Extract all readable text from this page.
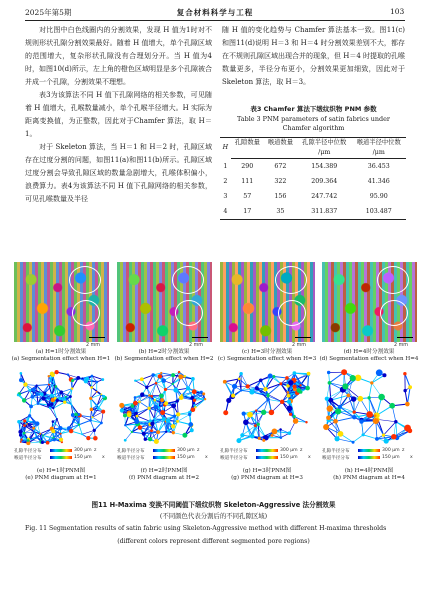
2025年第5期	复合材料科学与工程	103

对比图中白色线圈内的分割效果，发现 H 值为1时对不规则形状孔隙分割效果最好。随着 H 值增大，单个孔隙区域的范围增大，复杂形状孔隙没有合理划分开。当 H 值为4时，如图10(d)所示，左上角的橙色区域明显是多个孔隙被合并成一个孔隙，分割效果不理想。

表3为该算法不同 H 值下孔隙网络的相关参数，可见随着 H 值增大，孔喉数量减小，单个孔喉半径增大。H 实际为距离变换值，为正整数，因此对于Chamfer 算法，取 H＝1。

对于 Skeleton 算法，当 H＝1 和 H＝2 时，孔隙区域存在过度分割的问题，如图11(a)和图11(b)所示。孔隙区域过度分割会导致孔隙区域的数量急剧增大，孔喉体积偏小，浪费算力。表4为该算法不同 H 值下孔隙网络的相关参数，可见孔喉数量及半径

随 H 值的变化趋势与 Chamfer 算法基本一致。图11(c)和图11(d)说明 H＝3 和 H＝4 时分割效果差别不大，都存在不规则孔隙区域出现合并的现象，但 H＝4 时提取的孔喉数量更多，半径分布更小，分割效果更加细致，因此对于 Skeleton 算法，取 H＝3。

表3 Chamfer 算法下缎纹织物 PNM 参数
Table 3 PNM parameters of satin fabrics under Chamfer algorithm
H	孔隙数量	喉道数量	孔隙半径中位数	喉道半径中位数
			/μm	/μm
1	290	672	154.389	36.453
2	111	322	209.364	41.346
3	57	156	247.742	95.90
4	17	35	311.837	103.487
2 mm	2 mm	2 mm	2 mm
(a) H=1时分割效果
(a) Segmentation effect when H=1
(b) H=2时分割效果
(b) Segmentation effect when H=2
(c) H=3时分割效果
(c) Segmentation effect when H=3
(d) H=4时分割效果
(d) Segmentation effect when H=4
孔隙半径分布	300 μm
喉道半径分布	150 μm
z
x
孔隙半径分布	300 μm
喉道半径分布	150 μm
z
x
孔隙半径分布	300 μm
喉道半径分布	150 μm
z
x
孔隙半径分布	300 μm
喉道半径分布	150 μm
z
x
(e) H=1时PNM图
(e) PNM diagram at H=1
(f) H=2时PNM图
(f) PNM diagram at H=2
(g) H=3时PNM图
(g) PNM diagram at H=3
(h) H=4时PNM图
(h) PNM diagram at H=4
图11 H-Maxima 变换不同阈值下缎纹织物 Skeleton-Aggressive 法分割效果
(不同颜色代表分割后的不同孔隙区域)
Fig. 11 Segmentation results of satin fabric using Skeleton-Aggressive method with different H-maxima thresholds
(different colors represent different segmented pore regions)
